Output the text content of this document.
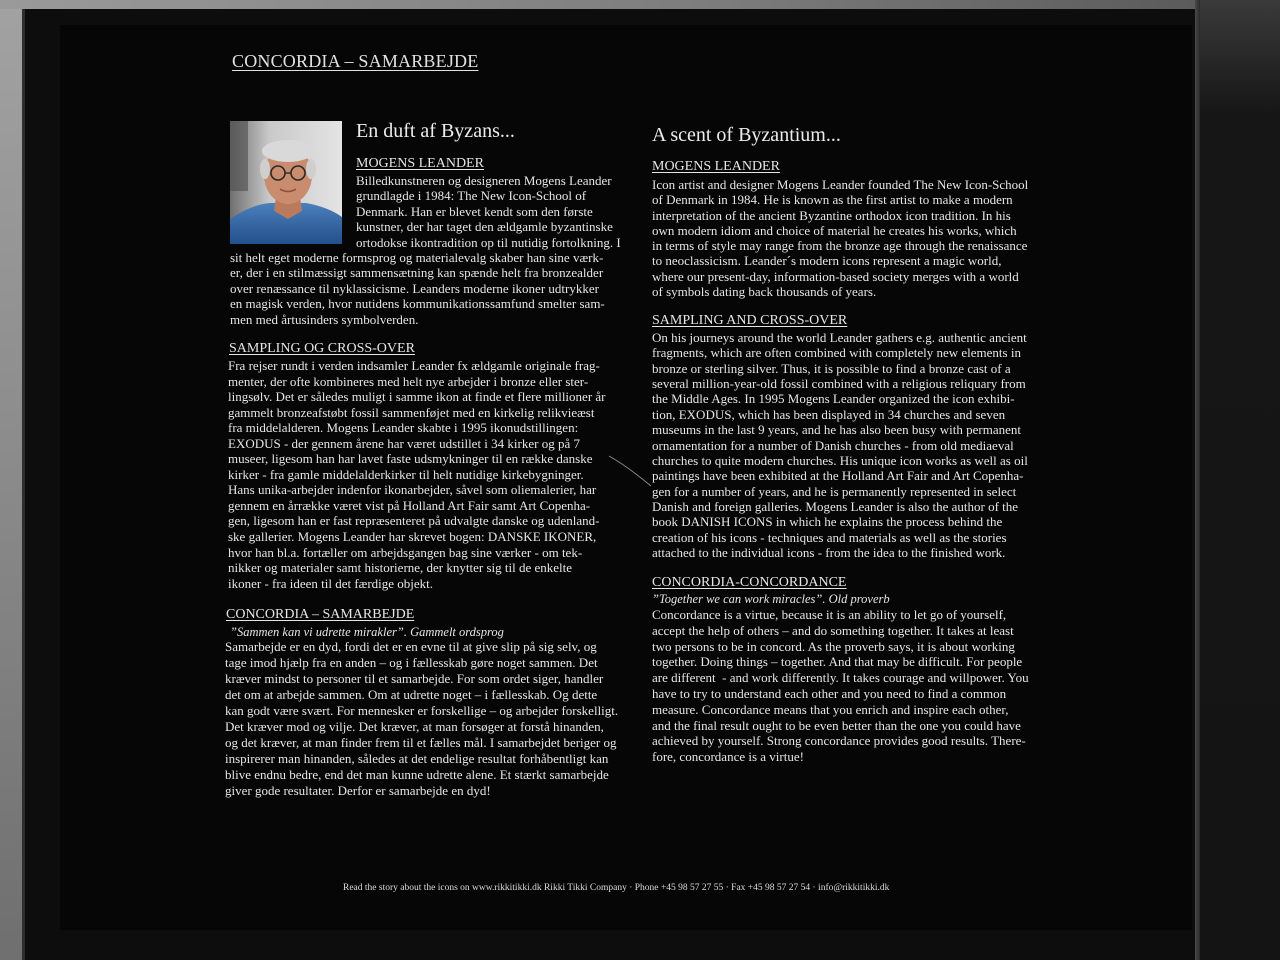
CONCORDIA – SAMARBEJDE
En duft af Byzans...
MOGENS LEANDER
Billedkunstneren og designeren Mogens Leander
grundlagde i 1984: The New Icon-School of
Denmark. Han er blevet kendt som den første
kunstner, der har taget den ældgamle byzantinske
ortodokse ikontradition op til nutidig fortolkning. I
sit helt eget moderne formsprog og materialevalg skaber han sine værk-
er, der i en stilmæssigt sammensætning kan spænde helt fra bronzealder
over renæssance til nyklassicisme. Leanders moderne ikoner udtrykker
en magisk verden, hvor nutidens kommunikationssamfund smelter sam-
men med årtusinders symbolverden.
SAMPLING OG CROSS-OVER
Fra rejser rundt i verden indsamler Leander fx ældgamle originale frag-
menter, der ofte kombineres med helt nye arbejder i bronze eller ster-
lingsølv. Det er således muligt i samme ikon at finde et flere millioner år
gammelt bronzeafstøbt fossil sammenføjet med en kirkelig relikvieæst
fra middelalderen. Mogens Leander skabte i 1995 ikonudstillingen:
EXODUS - der gennem årene har været udstillet i 34 kirker og på 7
museer, ligesom han har lavet faste udsmykninger til en række danske
kirker - fra gamle middelalderkirker til helt nutidige kirkebygninger.
Hans unika-arbejder indenfor ikonarbejder, såvel som oliemalerier, har
gennem en årrække været vist på Holland Art Fair samt Art Copenha-
gen, ligesom han er fast repræsenteret på udvalgte danske og udenland-
ske gallerier. Mogens Leander har skrevet bogen: DANSKE IKONER,
hvor han bl.a. fortæller om arbejdsgangen bag sine værker - om tek-
nikker og materialer samt historierne, der knytter sig til de enkelte
ikoner - fra ideen til det færdige objekt.
CONCORDIA – SAMARBEJDE
”Sammen kan vi udrette mirakler”. Gammelt ordsprog
Samarbejde er en dyd, fordi det er en evne til at give slip på sig selv, og
tage imod hjælp fra en anden – og i fællesskab gøre noget sammen. Det
kræver mindst to personer til et samarbejde. For som ordet siger, handler
det om at arbejde sammen. Om at udrette noget – i fællesskab. Og dette
kan godt være svært. For mennesker er forskellige – og arbejder forskelligt.
Det kræver mod og vilje. Det kræver, at man forsøger at forstå hinanden,
og det kræver, at man finder frem til et fælles mål. I samarbejdet beriger og
inspirerer man hinanden, således at det endelige resultat forhåbentligt kan
blive endnu bedre, end det man kunne udrette alene. Et stærkt samarbejde
giver gode resultater. Derfor er samarbejde en dyd!
A scent of Byzantium...
MOGENS LEANDER
Icon artist and designer Mogens Leander founded The New Icon-School
of Denmark in 1984. He is known as the first artist to make a modern
interpretation of the ancient Byzantine orthodox icon tradition. In his
own modern idiom and choice of material he creates his works, which
in terms of style may range from the bronze age through the renaissance
to neoclassicism. Leander´s modern icons represent a magic world,
where our present-day, information-based society merges with a world
of symbols dating back thousands of years.
SAMPLING AND CROSS-OVER
On his journeys around the world Leander gathers e.g. authentic ancient
fragments, which are often combined with completely new elements in
bronze or sterling silver. Thus, it is possible to find a bronze cast of a
several million-year-old fossil combined with a religious reliquary from
the Middle Ages. In 1995 Mogens Leander organized the icon exhibi-
tion, EXODUS, which has been displayed in 34 churches and seven
museums in the last 9 years, and he has also been busy with permanent
ornamentation for a number of Danish churches - from old mediaeval
churches to quite modern churches. His unique icon works as well as oil
paintings have been exhibited at the Holland Art Fair and Art Copenha-
gen for a number of years, and he is permanently represented in select
Danish and foreign galleries. Mogens Leander is also the author of the
book DANISH ICONS in which he explains the process behind the
creation of his icons - techniques and materials as well as the stories
attached to the individual icons - from the idea to the finished work.
CONCORDIA-CONCORDANCE
”Together we can work miracles”. Old proverb
Concordance is a virtue, because it is an ability to let go of yourself,
accept the help of others – and do something together. It takes at least
two persons to be in concord. As the proverb says, it is about working
together. Doing things – together. And that may be difficult. For people
are different  - and work differently. It takes courage and willpower. You
have to try to understand each other and you need to find a common
measure. Concordance means that you enrich and inspire each other,
and the final result ought to be even better than the one you could have
achieved by yourself. Strong concordance provides good results. There-
fore, concordance is a virtue!
Read the story about the icons on www.rikkitikki.dk Rikki Tikki Company · Phone +45 98 57 27 55 · Fax +45 98 57 27 54 · info@rikkitikki.dk
